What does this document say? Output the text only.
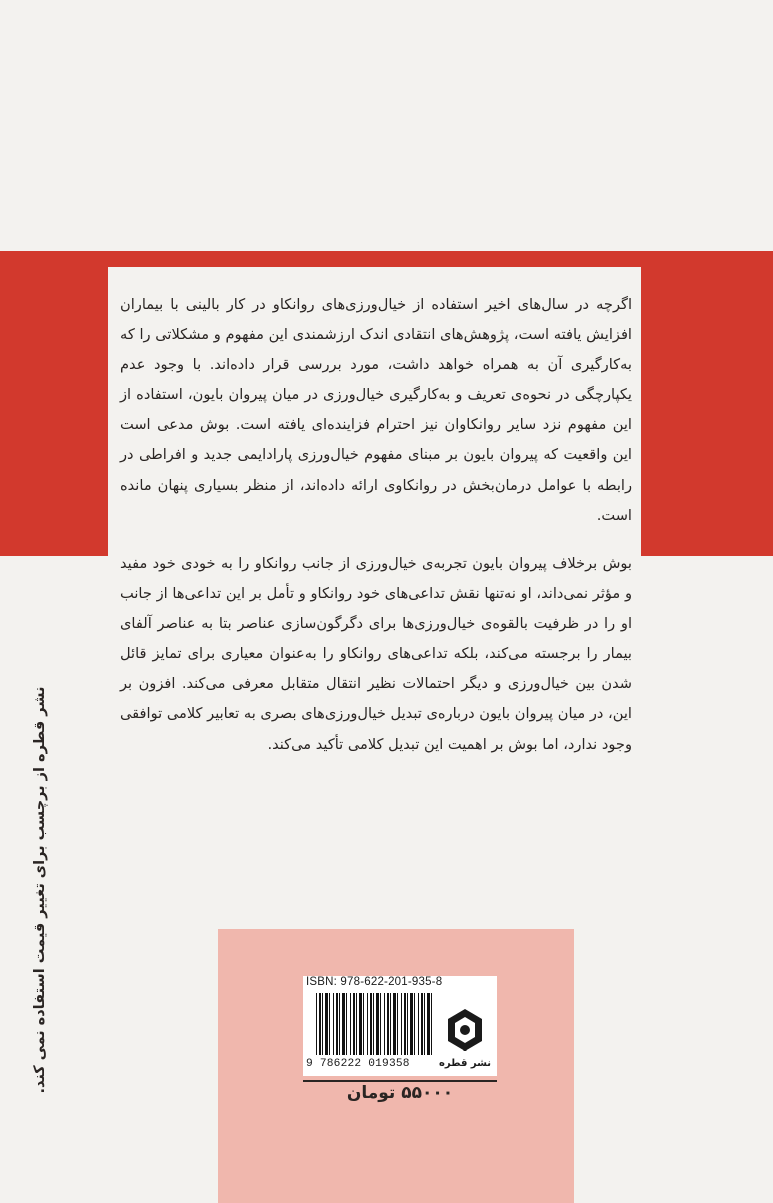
اگرچه در سال‌های اخیر استفاده از خیال‌ورزی‌های روانکاو در کار بالینی با بیماران افزایش یافته است، پژوهش‌های انتقادی اندک ارزشمندی این مفهوم و مشکلاتی را که به‌کارگیری آن به همراه خواهد داشت، مورد بررسی قرار داده‌اند. با وجود عدم یکپارچگی در نحوه‌ی تعریف و به‌کارگیری خیال‌ورزی در میان پیروان بایون، استفاده از این مفهوم نزد سایر روانکاوان نیز احترام فزاینده‌ای یافته است. بوش مدعی است این واقعیت که پیروان بایون بر مبنای مفهوم خیال‌ورزی پارادایمی جدید و افراطی در رابطه با عوامل درمان‌بخش در روانکاوی ارائه داده‌اند، از منظر بسیاری پنهان مانده است.

بوش برخلاف پیروان بایون تجربه‌ی خیال‌ورزی از جانب روانکاو را به خودی خود مفید و مؤثر نمی‌داند، او نه‌تنها نقش تداعی‌های خود روانکاو و تأمل بر این تداعی‌ها از جانب او را در ظرفیت بالقوه‌ی خیال‌ورزی‌ها برای دگرگون‌سازی عناصر بتا به عناصر آلفای بیمار را برجسته می‌کند، بلکه تداعی‌های روانکاو را به‌عنوان معیاری برای تمایز قائل شدن بین خیال‌ورزی و دیگر احتمالات نظیر انتقال متقابل معرفی می‌کند. افزون بر این، در میان پیروان بایون درباره‌ی تبدیل خیال‌ورزی‌های بصری به تعابیر کلامی توافقی وجود ندارد، اما بوش بر اهمیت این تبدیل کلامی تأکید می‌کند.

نشر قطره از برچسب برای تغییر قیمت استفاده نمی کند.	ISBN: 978-622-201-935-8
9 786222 019358	نشر قطره
۵۵۰۰۰ تومان
